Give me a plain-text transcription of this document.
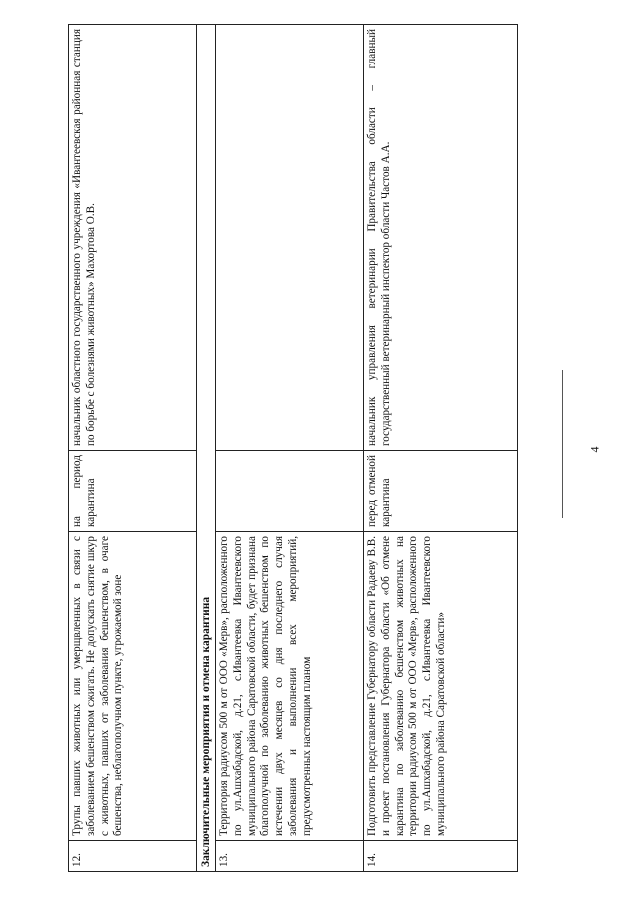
12.	Трупы павших животных или умерщвленных в связи с заболеванием бешенством сжигать. Не допускать снятие шкур с животных, павших от заболевания бешенством, в очаге бешенства, неблагополучном пункте, угрожаемой зоне	на период карантина	начальник областного государственного учреждения «Ивантеевская районная станция по борьбе с болезнями животных» Махортова О.В.
Заключительные мероприятия и отмена карантина			
13.	Территория радиусом 500 м от ООО «Мерв», расположенного по ул.Ашхабадской, д.21, с.Ивантеевка Ивантеевского муниципального района Саратовской области, будет признана благополучной по заболеванию животных бешенством по истечении двух месяцев со дня последнего случая заболевания и выполнении всех мероприятий, предусмотренных настоящим планом		
14.	Подготовить представление Губернатору области Радаеву В.В. и проект постановления Губернатора области «Об отмене карантина по заболеванию бешенством животных на территории радиусом 500 м от ООО «Мерв», расположенного по ул.Ашхабадской, д.21, с.Ивантеевка Ивантеевского муниципального района Саратовской области»	перед отменой карантина	начальник управления ветеринарии Правительства области – главный государственный ветеринарный инспектор области Частов А.А.
4
